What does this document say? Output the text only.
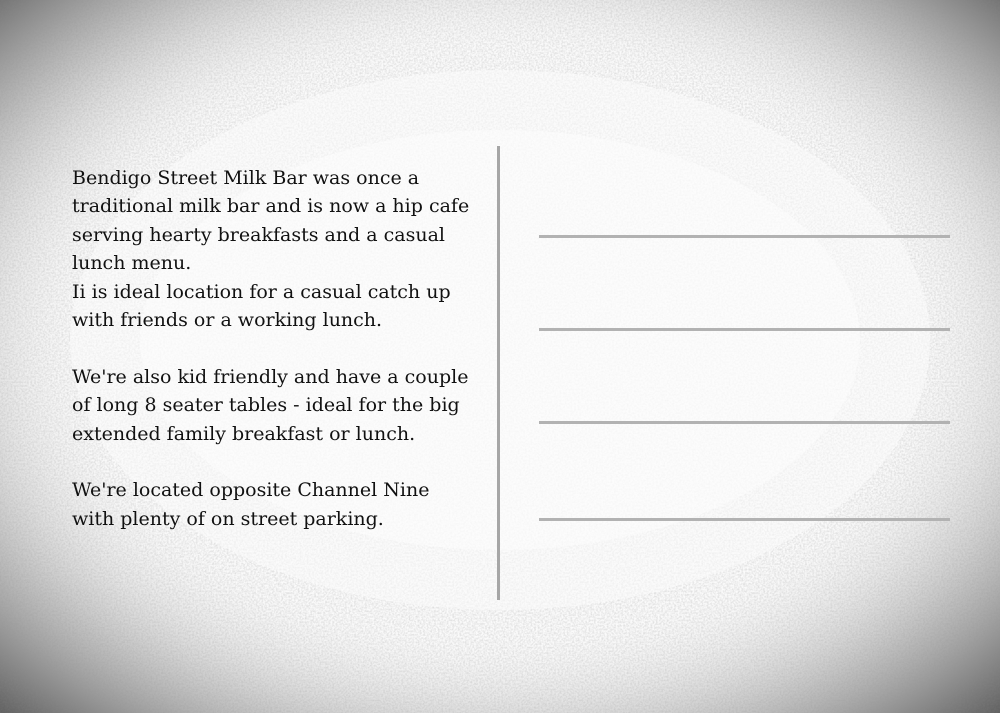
Bendigo Street Milk Bar was once a traditional milk bar and is now a hip cafe serving hearty breakfasts and a casual lunch menu.

Ii is ideal location for a casual catch up with friends or a working lunch.

We're also kid friendly and have a couple of long 8 seater tables - ideal for the big extended family breakfast or lunch.

We're located opposite Channel Nine with plenty of on street parking.
